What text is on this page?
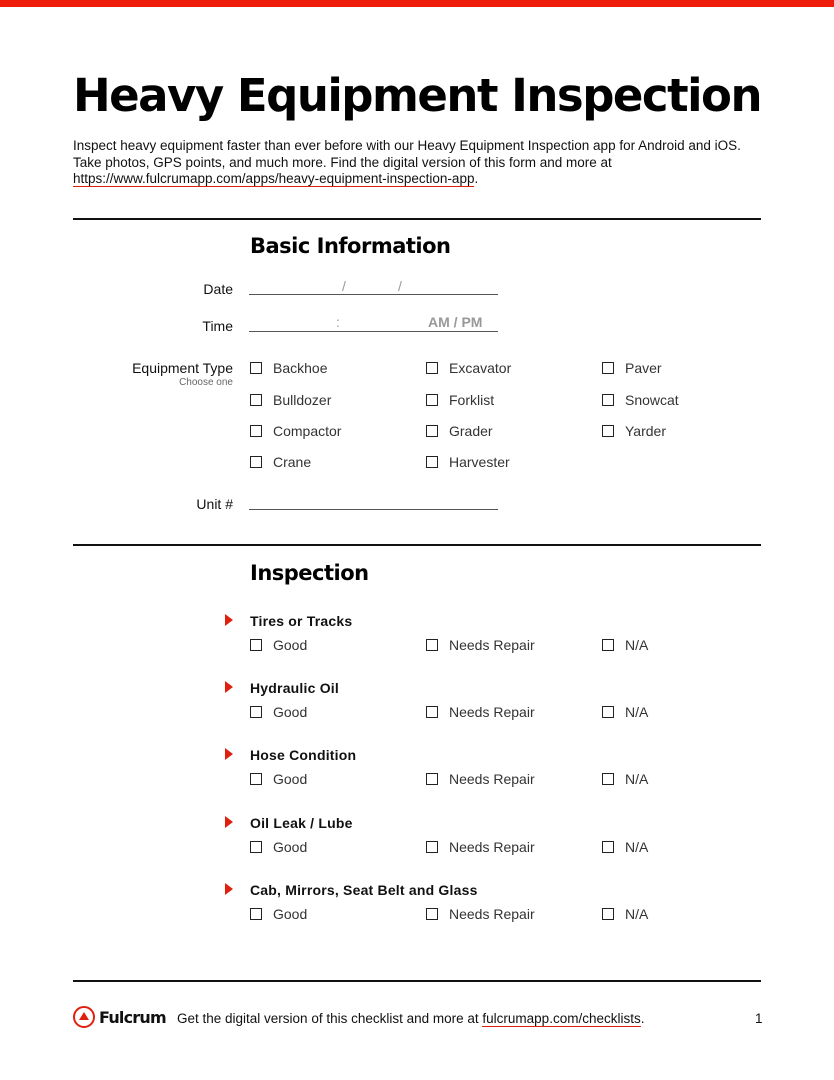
Heavy Equipment Inspection

Inspect heavy equipment faster than ever before with our Heavy Equipment Inspection app for Android and iOS.

Take photos, GPS points, and much more. Find the digital version of this form and more at

https://www.fulcrumapp.com/apps/heavy-equipment-inspection-app.

Basic Information
Date	/	/
Time	:	AM / PM
Equipment Type
Choose one
Backhoe	Excavator	Paver
Bulldozer	Forklist	Snowcat
Compactor	Grader	Yarder
Crane	Harvester
Unit #
Inspection
Tires or Tracks
Good	Needs Repair	N/A
Hydraulic Oil
Good	Needs Repair	N/A
Hose Condition
Good	Needs Repair	N/A
Oil Leak / Lube
Good	Needs Repair	N/A
Cab, Mirrors, Seat Belt and Glass
Good	Needs Repair	N/A
Fulcrum Get the digital version of this checklist and more at fulcrumapp.com/checklists.	1
